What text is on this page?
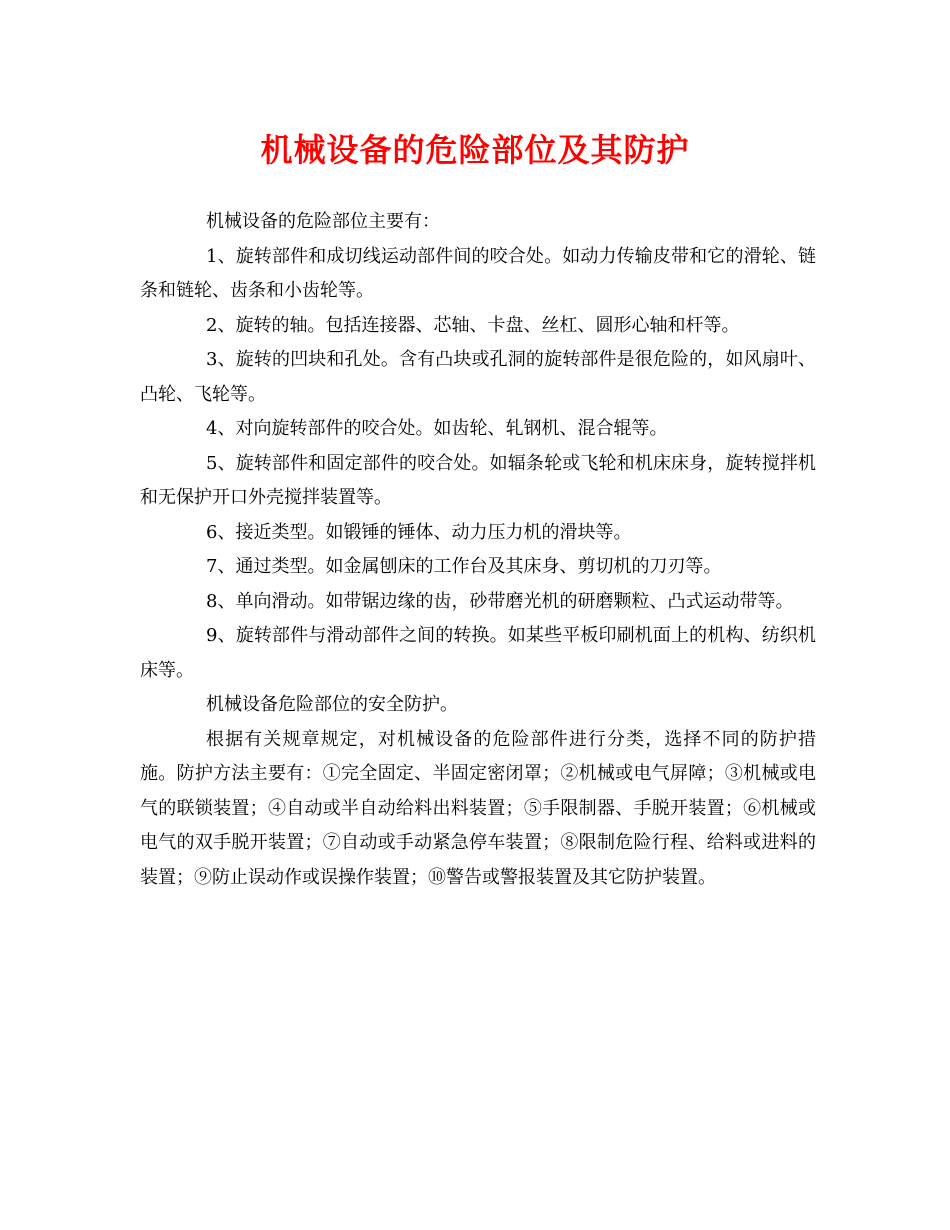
机械设备的危险部位及其防护

机械设备的危险部位主要有：

1、旋转部件和成切线运动部件间的咬合处。如动力传输皮带和它的滑轮、链条和链轮、齿条和小齿轮等。

2、旋转的轴。包括连接器、芯轴、卡盘、丝杠、圆形心轴和杆等。

3、旋转的凹块和孔处。含有凸块或孔洞的旋转部件是很危险的，如风扇叶、凸轮、飞轮等。

4、对向旋转部件的咬合处。如齿轮、轧钢机、混合辊等。

5、旋转部件和固定部件的咬合处。如辐条轮或飞轮和机床床身，旋转搅拌机和无保护开口外壳搅拌装置等。

6、接近类型。如锻锤的锤体、动力压力机的滑块等。

7、通过类型。如金属刨床的工作台及其床身、剪切机的刀刃等。

8、单向滑动。如带锯边缘的齿，砂带磨光机的研磨颗粒、凸式运动带等。

9、旋转部件与滑动部件之间的转换。如某些平板印刷机面上的机构、纺织机床等。

机械设备危险部位的安全防护。

根据有关规章规定，对机械设备的危险部件进行分类，选择不同的防护措施。防护方法主要有：①完全固定、半固定密闭罩；②机械或电气屏障；③机械或电气的联锁装置；④自动或半自动给料出料装置；⑤手限制器、手脱开装置；⑥机械或电气的双手脱开装置；⑦自动或手动紧急停车装置；⑧限制危险行程、给料或进料的装置；⑨防止误动作或误操作装置；⑩警告或警报装置及其它防护装置。
